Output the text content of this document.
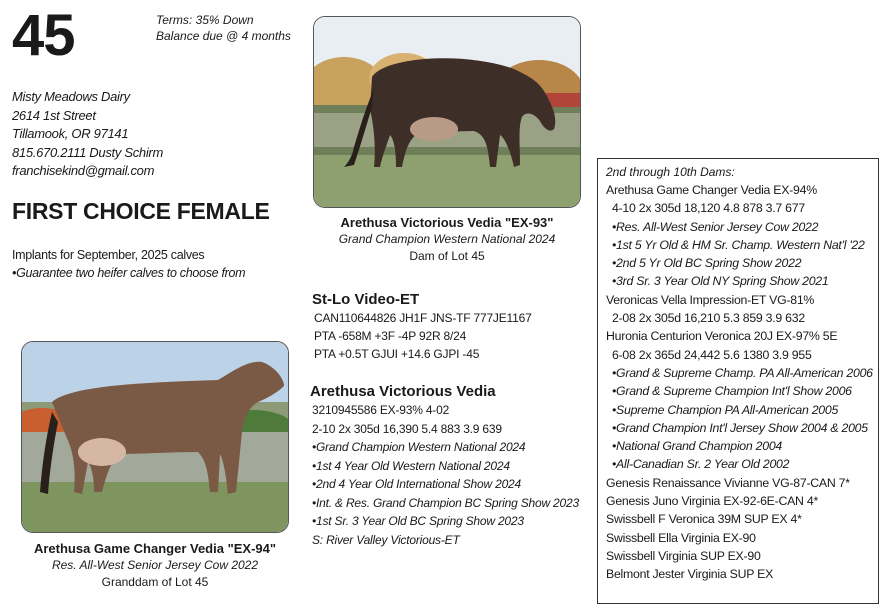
45	Terms: 35% Down
Balance due @ 4 months
Misty Meadows Dairy
2614 1st Street
Tillamook, OR 97141
815.670.2111 Dusty Schirm
franchisekind@gmail.com
FIRST CHOICE FEMALE
Implants for September, 2025 calves
•Guarantee two heifer calves to choose from
Arethusa Victorious Vedia "EX-93"
Grand Champion Western National 2024
Dam of Lot 45
Arethusa Game Changer Vedia "EX-94"
Res. All-West Senior Jersey Cow 2022
Granddam of Lot 45
St-Lo Video-ET
CAN110644826 JH1F JNS-TF 777JE1167
PTA -658M +3F -4P 92R 8/24
PTA +0.5T GJUI +14.6 GJPI -45
Arethusa Victorious Vedia
3210945586 EX-93% 4-02
2-10 2x 305d 16,390 5.4 883 3.9 639
•Grand Champion Western National 2024
•1st 4 Year Old Western National 2024
•2nd 4 Year Old International Show 2024
•Int. & Res. Grand Champion BC Spring Show 2023
•1st Sr. 3 Year Old BC Spring Show 2023
S: River Valley Victorious-ET
2nd through 10th Dams:
Arethusa Game Changer Vedia EX-94%
4-10 2x 305d 18,120 4.8 878 3.7 677
•Res. All-West Senior Jersey Cow 2022
•1st 5 Yr Old & HM Sr. Champ. Western Nat'l '22
•2nd 5 Yr Old BC Spring Show 2022
•3rd Sr. 3 Year Old NY Spring Show 2021
Veronicas Vella Impression-ET VG-81%
2-08 2x 305d 16,210 5.3 859 3.9 632
Huronia Centurion Veronica 20J EX-97% 5E
6-08 2x 365d 24,442 5.6 1380 3.9 955
•Grand & Supreme Champ. PA All-American 2006
•Grand & Supreme Champion Int'l Show 2006
•Supreme Champion PA All-American 2005
•Grand Champion Int'l Jersey Show 2004 & 2005
•National Grand Champion 2004
•All-Canadian Sr. 2 Year Old 2002
Genesis Renaissance Vivianne VG-87-CAN 7*
Genesis Juno Virginia EX-92-6E-CAN 4*
Swissbell F Veronica 39M SUP EX 4*
Swissbell Ella Virginia EX-90
Swissbell Virginia SUP EX-90
Belmont Jester Virginia SUP EX
